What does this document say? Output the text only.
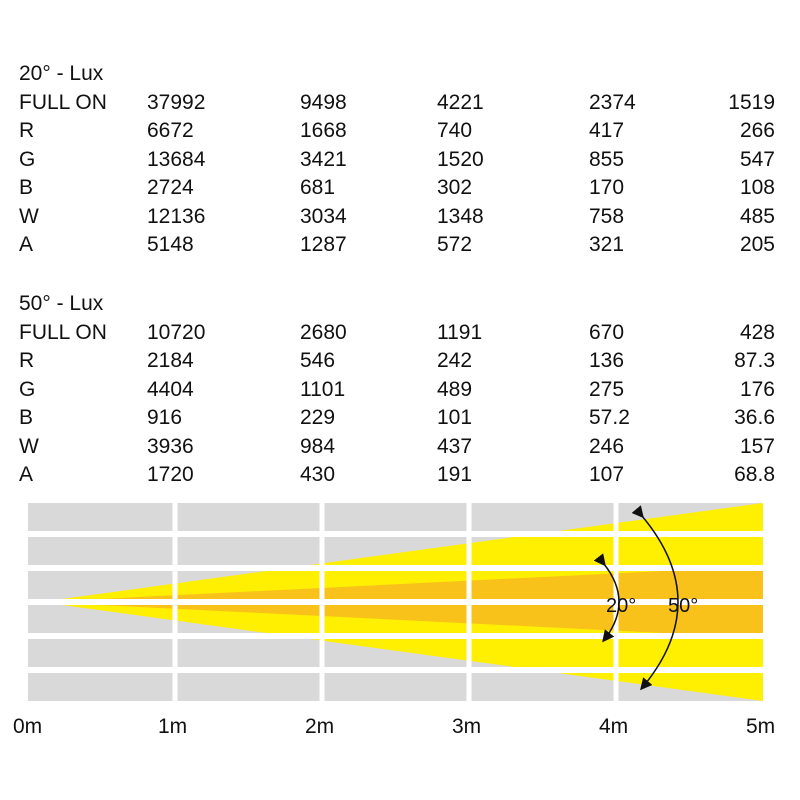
20° - Lux
FULL ON 37992	9498	4221	2374	1519
R	6672	1668	740	417	266
G	13684	3421	1520	855	547
B	2724	681	302	170	108
W	12136	3034	1348	758	485
A	5148	1287	572	321	205
50° - Lux
FULL ON 10720	2680	1191	670	428
R	2184	546	242	136	87.3
G	4404	1101	489	275	176
B	916	229	101	57.2	36.6
W	3936	984	437	246	157
A	1720	430	191	107	68.8
20° 50°
0m	1m	2m	3m	4m	5m
